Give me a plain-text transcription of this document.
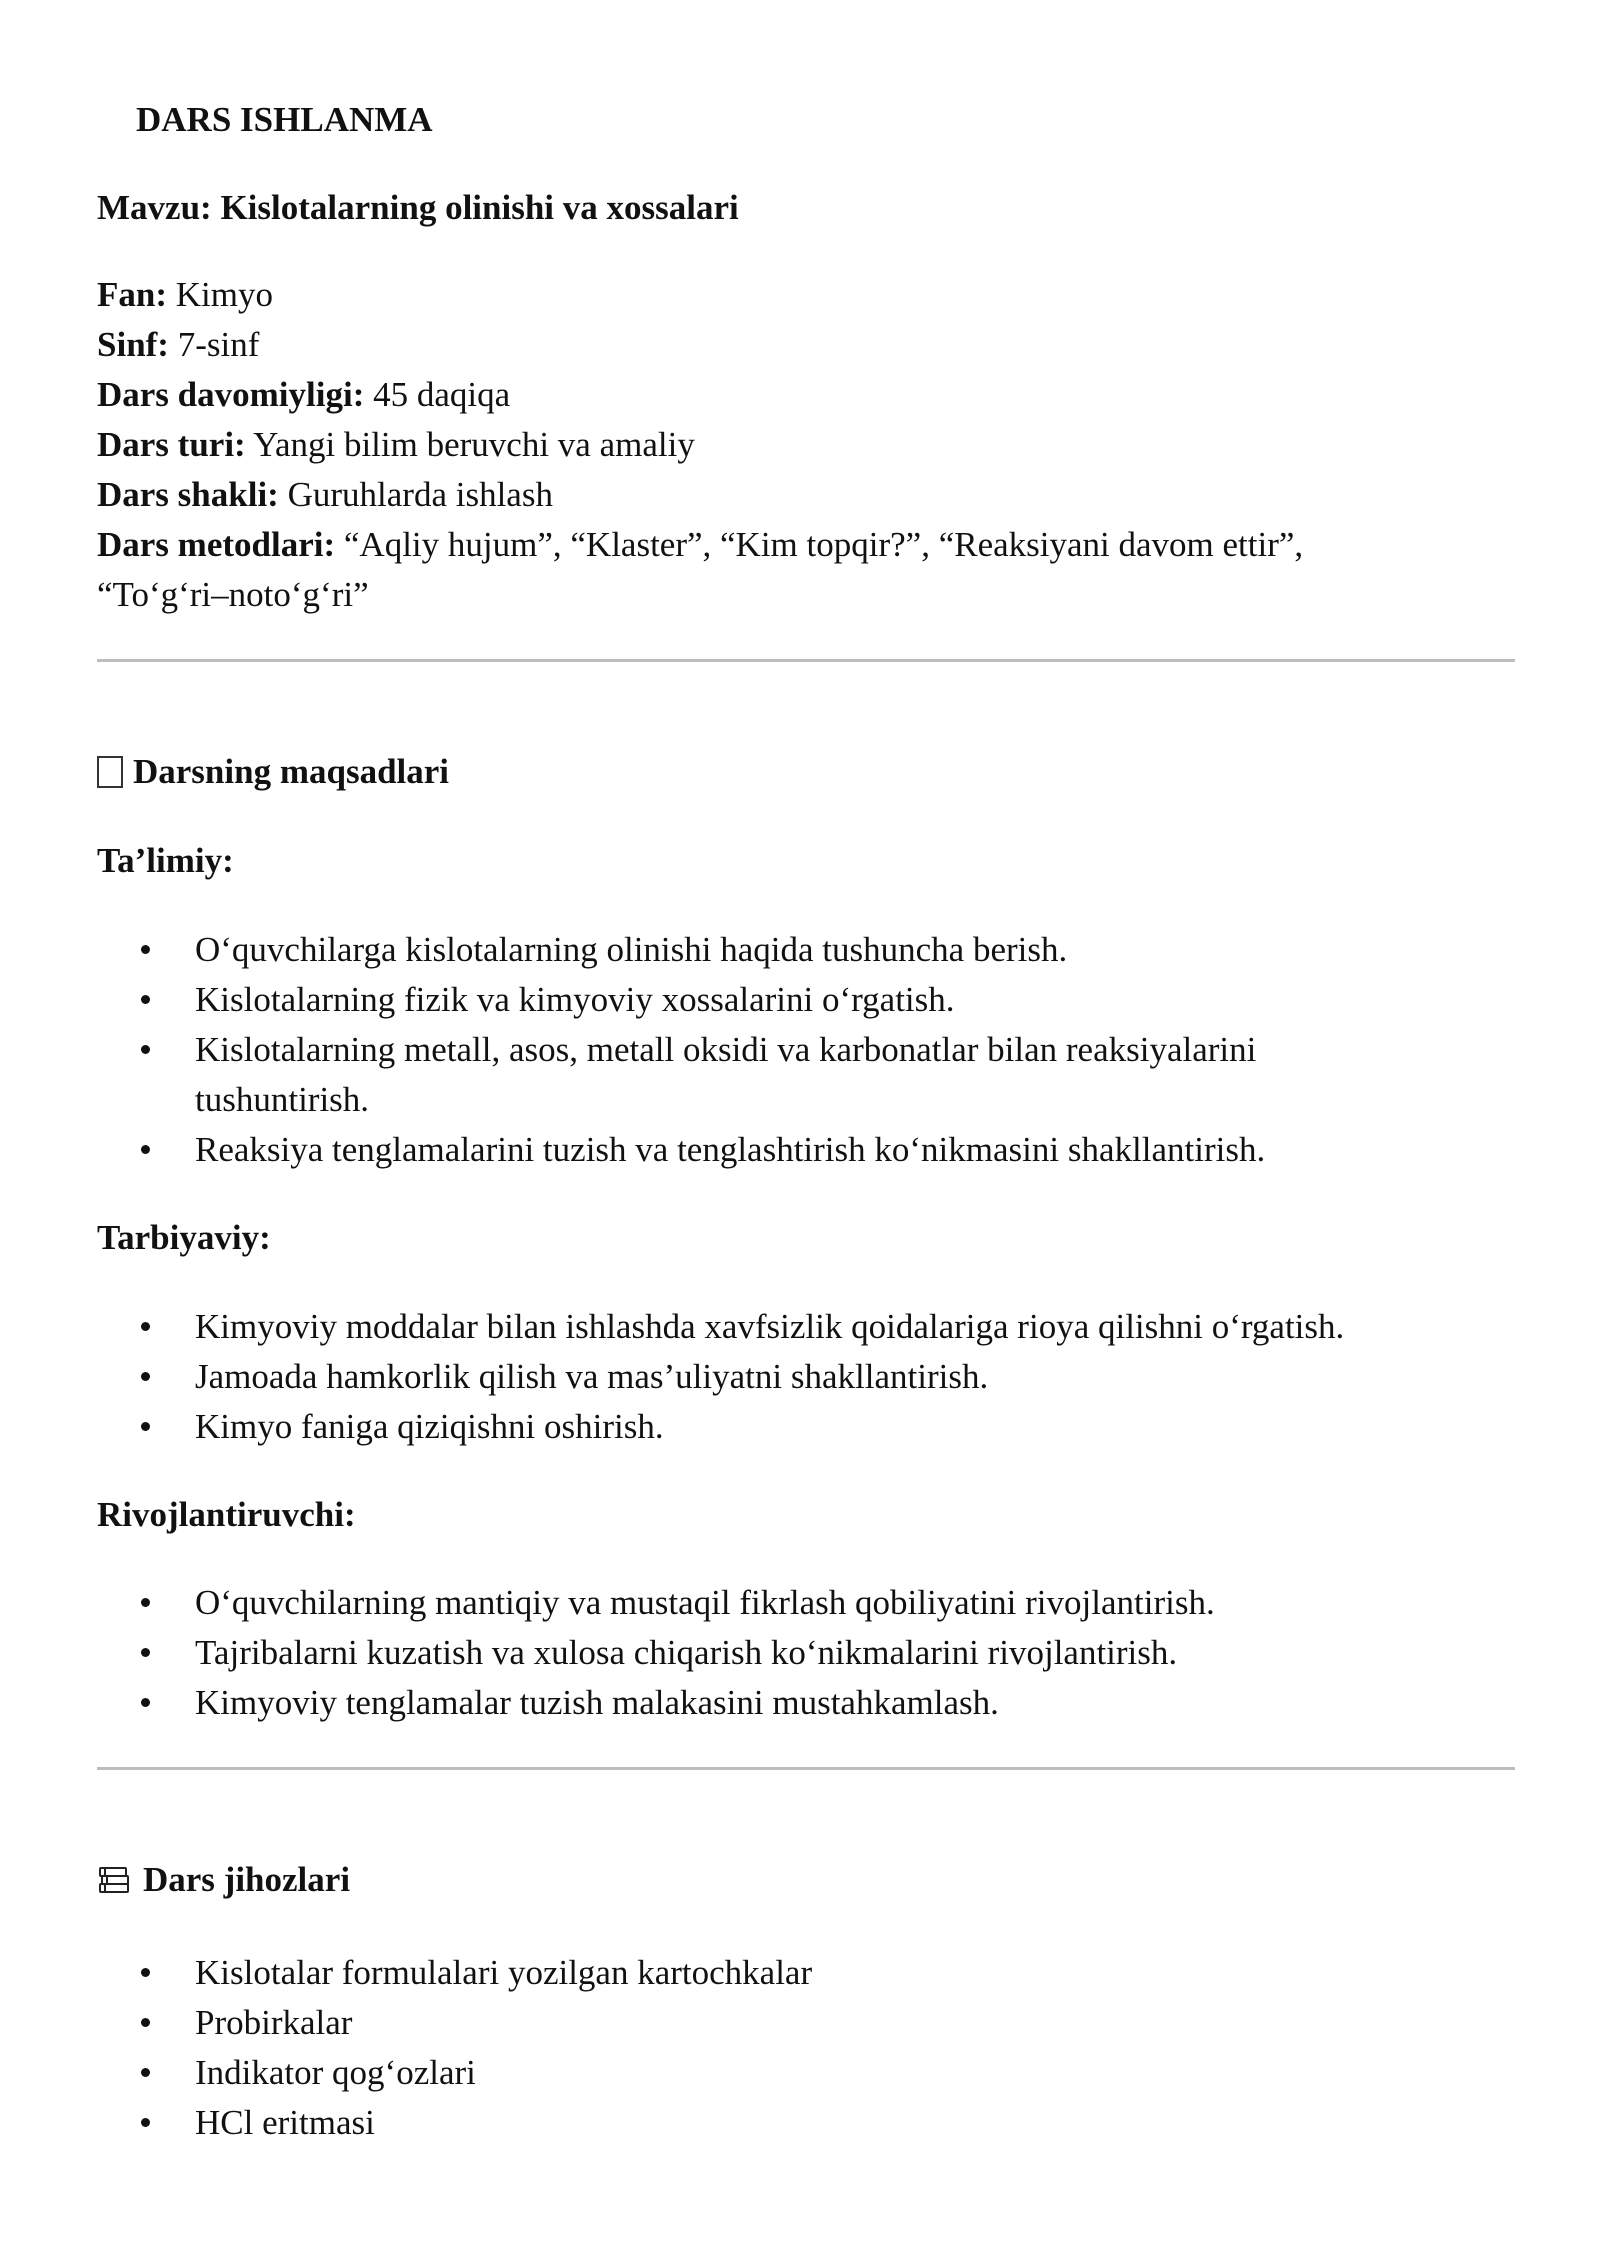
DARS ISHLANMA
Mavzu: Kislotalarning olinishi va xossalari
Fan: Kimyo
Sinf: 7-sinf
Dars davomiyligi: 45 daqiqa
Dars turi: Yangi bilim beruvchi va amaliy
Dars shakli: Guruhlarda ishlash
Dars metodlari: “Aqliy hujum”, “Klaster”, “Kim topqir?”, “Reaksiyani davom ettir”,
“To‘g‘ri–noto‘g‘ri”
Darsning maqsadlari
Ta’limiy:
O‘quvchilarga kislotalarning olinishi haqida tushuncha berish.
Kislotalarning fizik va kimyoviy xossalarini o‘rgatish.
Kislotalarning metall, asos, metall oksidi va karbonatlar bilan reaksiyalarini
tushuntirish.
Reaksiya tenglamalarini tuzish va tenglashtirish ko‘nikmasini shakllantirish.
Tarbiyaviy:
Kimyoviy moddalar bilan ishlashda xavfsizlik qoidalariga rioya qilishni o‘rgatish.
Jamoada hamkorlik qilish va mas’uliyatni shakllantirish.
Kimyo faniga qiziqishni oshirish.
Rivojlantiruvchi:
O‘quvchilarning mantiqiy va mustaqil fikrlash qobiliyatini rivojlantirish.
Tajribalarni kuzatish va xulosa chiqarish ko‘nikmalarini rivojlantirish.
Kimyoviy tenglamalar tuzish malakasini mustahkamlash.
Dars jihozlari
Kislotalar formulalari yozilgan kartochkalar
Probirkalar
Indikator qog‘ozlari
HCl eritmasi
